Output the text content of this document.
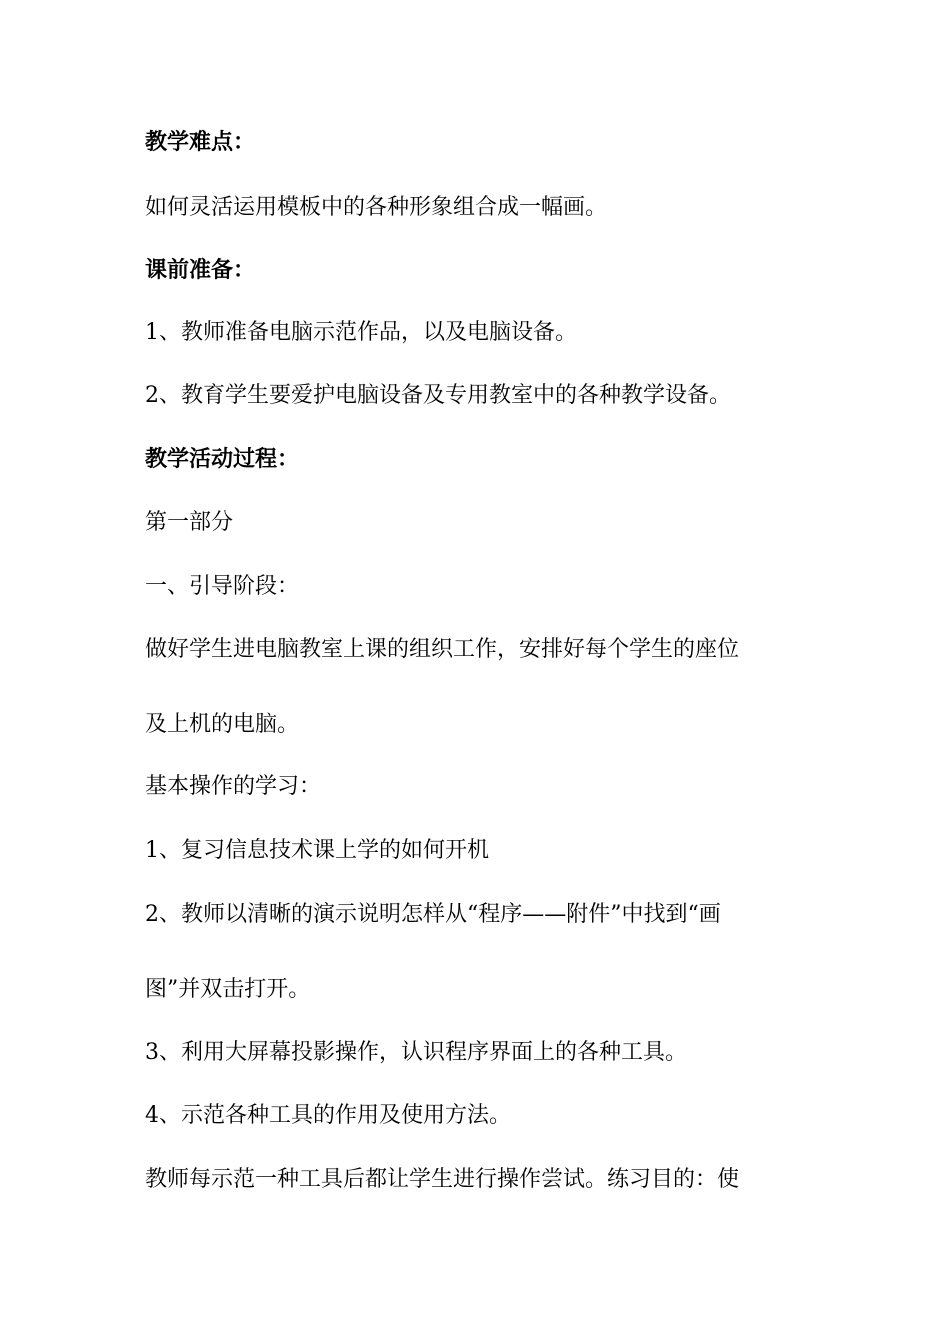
教学难点：
如何灵活运用模板中的各种形象组合成一幅画。
课前准备：
1、教师准备电脑示范作品，以及电脑设备。
2、教育学生要爱护电脑设备及专用教室中的各种教学设备。
教学活动过程：
第一部分
一、引导阶段：
做好学生进电脑教室上课的组织工作，安排好每个学生的座位
及上机的电脑。
基本操作的学习：
1、复习信息技术课上学的如何开机
2、教师以清晰的演示说明怎样从“程序——附件”中找到“画
图”并双击打开。
3、利用大屏幕投影操作，认识程序界面上的各种工具。
4、示范各种工具的作用及使用方法。
教师每示范一种工具后都让学生进行操作尝试。练习目的：使
